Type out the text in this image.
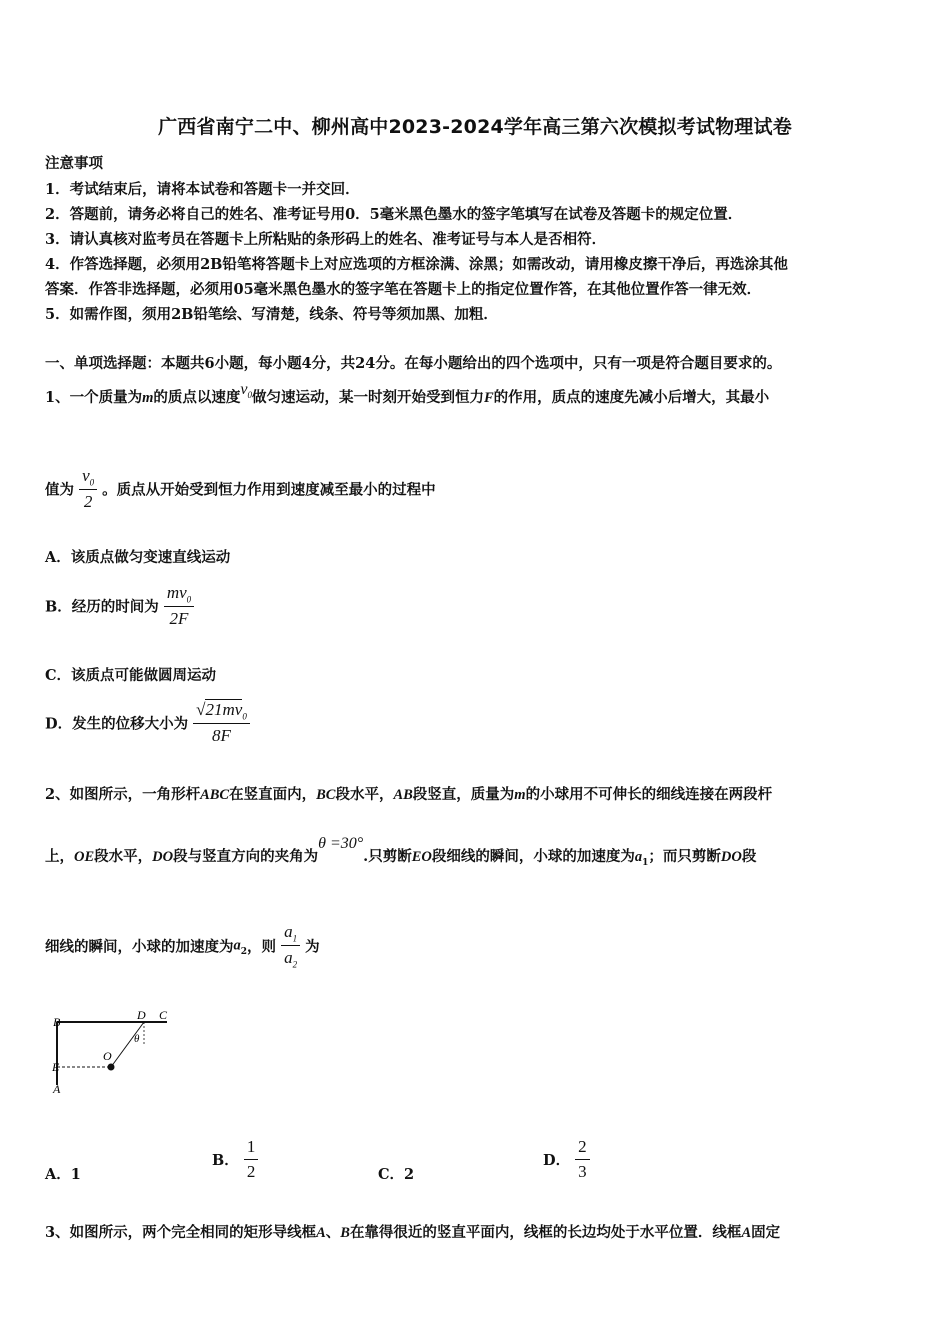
广西省南宁二中、柳州高中2023-2024学年高三第六次模拟考试物理试卷
注意事项
1．考试结束后，请将本试卷和答题卡一并交回．
2．答题前，请务必将自己的姓名、准考证号用0．5毫米黑色墨水的签字笔填写在试卷及答题卡的规定位置．
3．请认真核对监考员在答题卡上所粘贴的条形码上的姓名、准考证号与本人是否相符．
4．作答选择题，必须用2B铅笔将答题卡上对应选项的方框涂满、涂黑；如需改动，请用橡皮擦干净后，再选涂其他
答案．作答非选择题，必须用05毫米黑色墨水的签字笔在答题卡上的指定位置作答，在其他位置作答一律无效．
5．如需作图，须用2B铅笔绘、写清楚，线条、符号等须加黑、加粗．
一、单项选择题：本题共6小题，每小题4分，共24分。在每小题给出的四个选项中，只有一项是符合题目要求的。
1、一个质量为m的质点以速度$v_0$做匀速运动，某一时刻开始受到恒力F的作用，质点的速度先减小后增大，其最小
值为 $\frac{v_0}{2}$ 。质点从开始受到恒力作用到速度减至最小的过程中
A．该质点做匀变速直线运动
B．经历的时间为 $\frac{mv_0}{2F}$
C．该质点可能做圆周运动
D．发生的位移大小为 $\frac{√21mv_0}{8F}$
2、如图所示，一角形杆ABC在竖直面内，BC段水平，AB段竖直，质量为m的小球用不可伸长的细线连接在两段杆
上，OE段水平，DO段与竖直方向的夹角为θ =30°.只剪断EO段细线的瞬间，小球的加速度为$a_1$；而只剪断DO段
细线的瞬间，小球的加速度为$a_2$，则 $\frac{a_1}{a_2}$ 为
B	D C
θ
O
E
A
A．1
B． $\frac{1}{2}$	C．2
D． $\frac{2}{3}$
3、如图所示，两个完全相同的矩形导线框A、B在靠得很近的竖直平面内，线框的长边均处于水平位置．线框A固定
